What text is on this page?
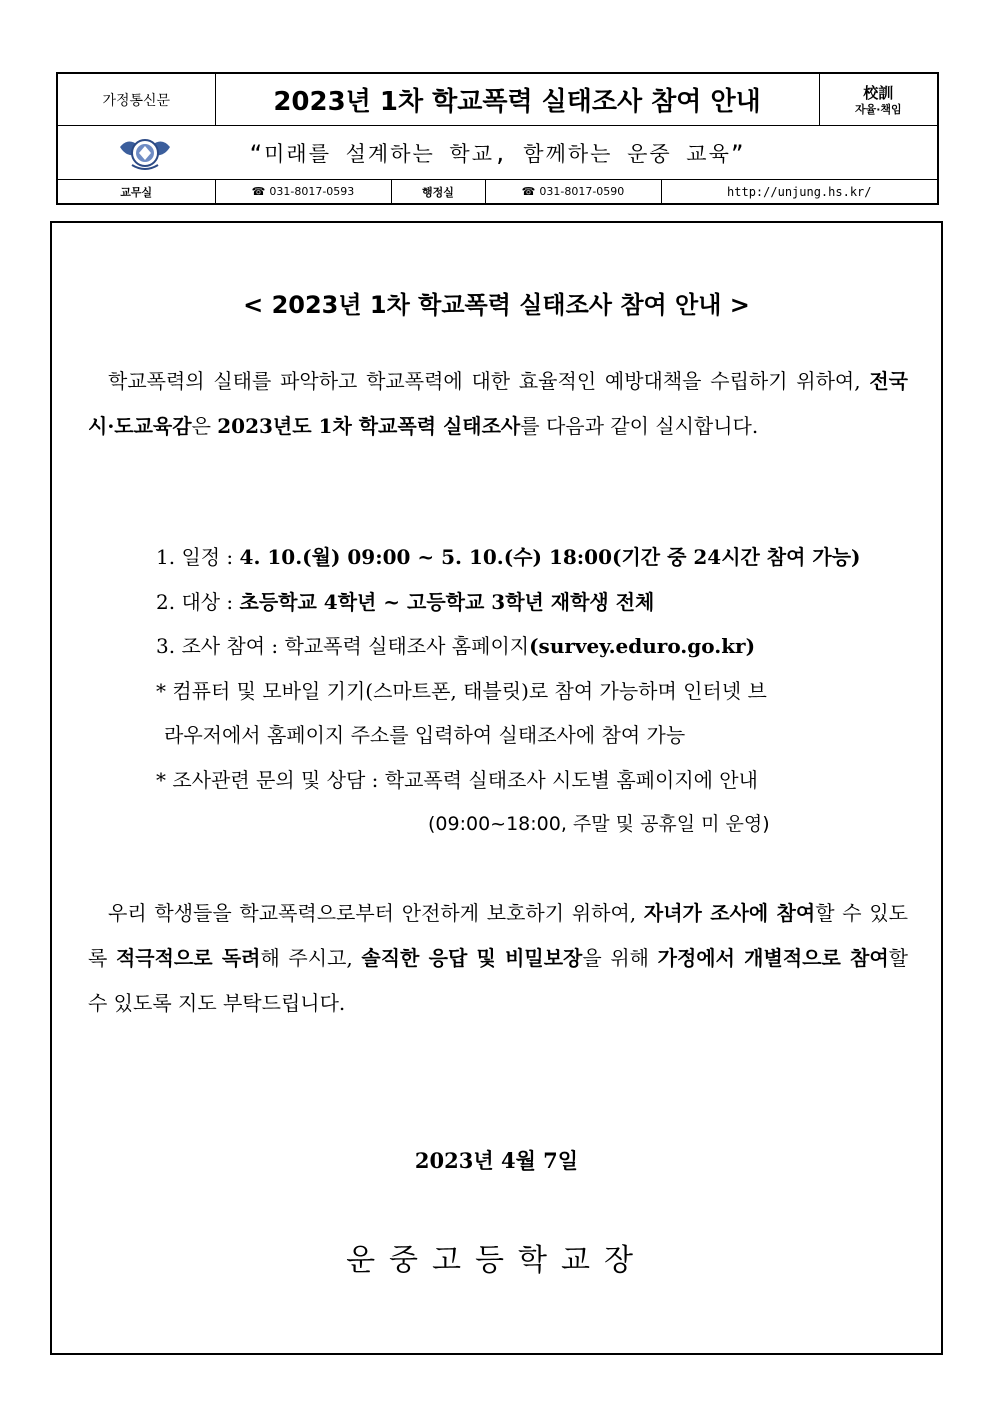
가정통신문	2023년 1차 학교폭력 실태조사 참여 안내				校訓
자율·책임

“미래를 설계하는 학교, 함께하는 운중 교육”					
교무실	☎ 031-8017-0593	행정실	☎ 031-8017-0590	http://unjung.hs.kr/	
< 2023년 1차 학교폭력 실태조사 참여 안내 >
학교폭력의 실태를 파악하고 학교폭력에 대한 효율적인 예방대책을 수립하기 위하여, 전국 시·도교육감은 2023년도 1차 학교폭력 실태조사를 다음과 같이 실시합니다.
1. 일정 : 4. 10.(월) 09:00 ~ 5. 10.(수) 18:00(기간 중 24시간 참여 가능)
2. 대상 : 초등학교 4학년 ~ 고등학교 3학년 재학생 전체
3. 조사 참여 : 학교폭력 실태조사 홈페이지(survey.eduro.go.kr)
* 컴퓨터 및 모바일 기기(스마트폰, 태블릿)로 참여 가능하며 인터넷 브
라우저에서 홈페이지 주소를 입력하여 실태조사에 참여 가능
* 조사관련 문의 및 상담 : 학교폭력 실태조사 시도별 홈페이지에 안내
(09:00~18:00, 주말 및 공휴일 미 운영)
우리 학생들을 학교폭력으로부터 안전하게 보호하기 위하여, 자녀가 조사에 참여할 수 있도록 적극적으로 독려해 주시고, 솔직한 응답 및 비밀보장을 위해 가정에서 개별적으로 참여할 수 있도록 지도 부탁드립니다.
2023년 4월 7일
운중고등학교장
